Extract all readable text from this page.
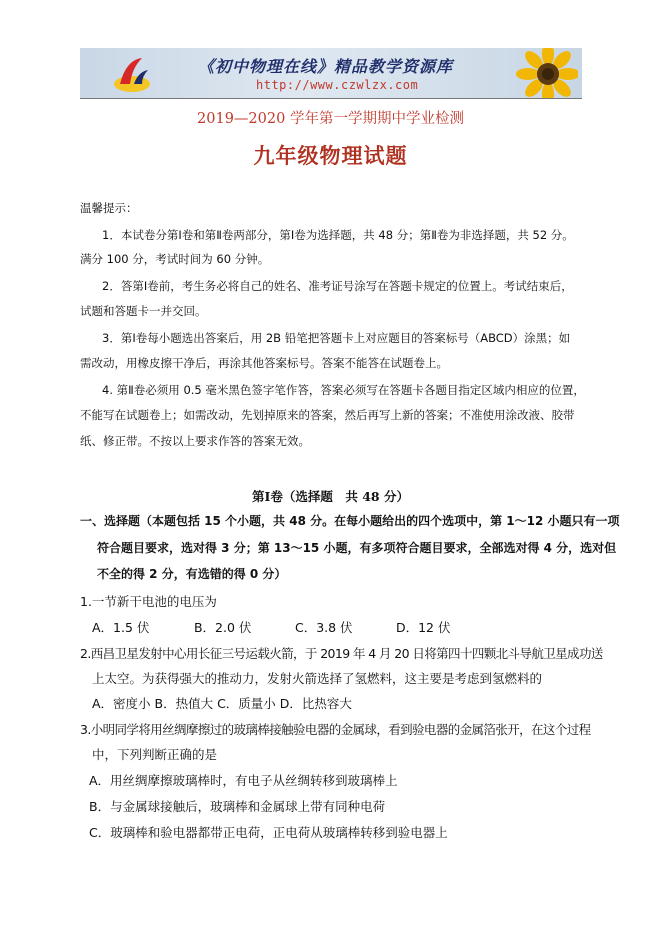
《初中物理在线》精品教学资源库
http://www.czwlzx.com
2019—2020 学年第一学期期中学业检测
九年级物理试题
温馨提示：
1．本试卷分第Ⅰ卷和第Ⅱ卷两部分，第Ⅰ卷为选择题，共 48 分；第Ⅱ卷为非选择题，共 52 分。
满分 100 分，考试时间为 60 分钟。
2．答第Ⅰ卷前，考生务必将自己的姓名、准考证号涂写在答题卡规定的位置上。考试结束后，
试题和答题卡一并交回。
3．第Ⅰ卷每小题选出答案后，用 2B 铅笔把答题卡上对应题目的答案标号（ABCD）涂黑；如
需改动，用橡皮擦干净后，再涂其他答案标号。答案不能答在试题卷上。
4. 第Ⅱ卷必须用 0.5 毫米黑色签字笔作答，答案必须写在答题卡各题目指定区域内相应的位置，
不能写在试题卷上；如需改动，先划掉原来的答案，然后再写上新的答案；不准使用涂改液、胶带
纸、修正带。不按以上要求作答的答案无效。
第Ⅰ卷（选择题　共 48 分）
一、选择题（本题包括 15 个小题，共 48 分。在每小题给出的四个选项中，第 1～12 小题只有一项
符合题目要求，选对得 3 分；第 13～15 小题，有多项符合题目要求，全部选对得 4 分，选对但
不全的得 2 分，有选错的得 0 分）
1.一节新干电池的电压为
A．1.5 伏	B．2.0 伏	C．3.8 伏	D．12 伏
2.西昌卫星发射中心用长征三号运载火箭，于 2019 年 4 月 20 日将第四十四颗北斗导航卫星成功送
上太空。为获得强大的推动力，发射火箭选择了氢燃料，这主要是考虑到氢燃料的
A．密度小 B．热值大 C．质量小 D．比热容大
3.小明同学将用丝绸摩擦过的玻璃棒接触验电器的金属球，看到验电器的金属箔张开，在这个过程
中，下列判断正确的是
A．用丝绸摩擦玻璃棒时，有电子从丝绸转移到玻璃棒上
B．与金属球接触后，玻璃棒和金属球上带有同种电荷
C．玻璃棒和验电器都带正电荷，正电荷从玻璃棒转移到验电器上
